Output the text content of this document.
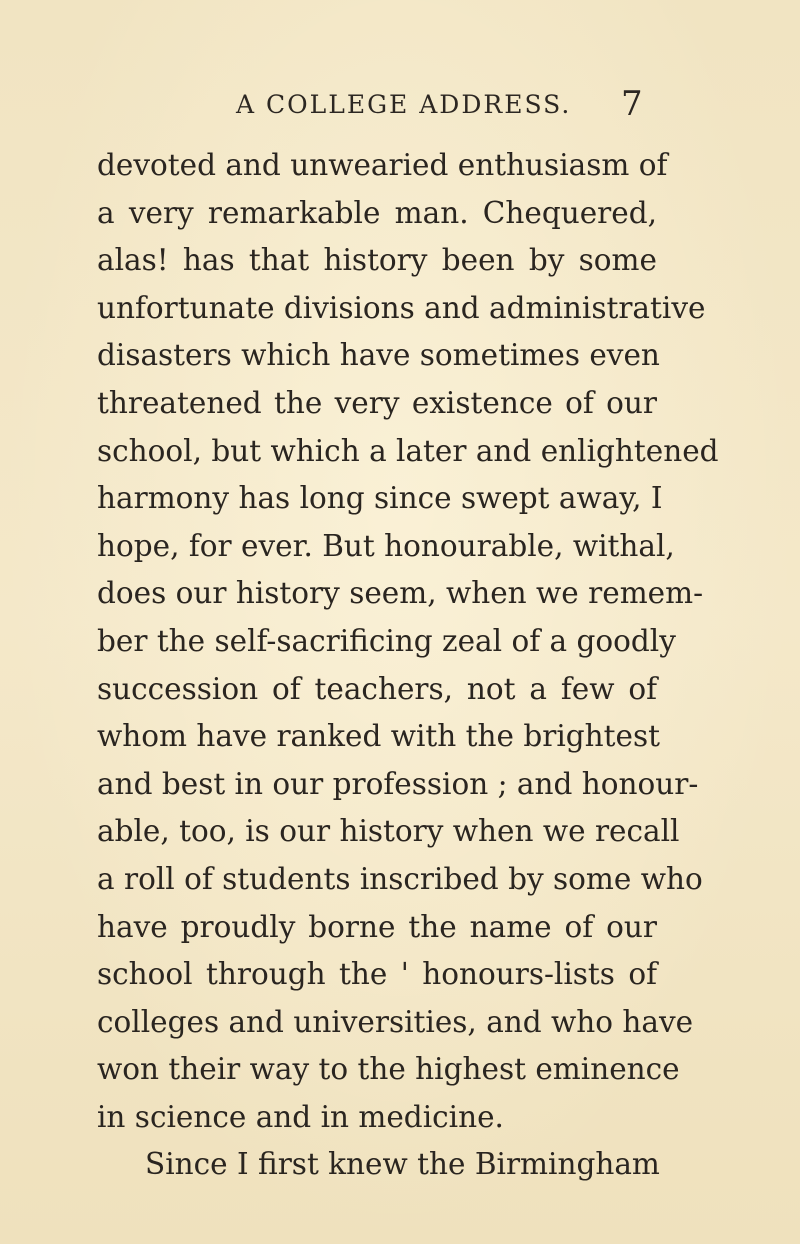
A COLLEGE ADDRESS. 7
devoted and unwearied enthusiasm of
a very remarkable man. Chequered,
alas! has that history been by some
unfortunate divisions and administrative
disasters which have sometimes even
threatened the very existence of our
school, but which a later and enlightened
harmony has long since swept away, I
hope, for ever. But honourable, withal,
does our history seem, when we remem-
ber the self-sacrificing zeal of a goodly
succession of teachers, not a few of
whom have ranked with the brightest
and best in our profession ; and honour-
able, too, is our history when we recall
a roll of students inscribed by some who
have proudly borne the name of our
school through the ' honours-lists of
colleges and universities, and who have
won their way to the highest eminence
in science and in medicine.
Since I first knew the Birmingham
